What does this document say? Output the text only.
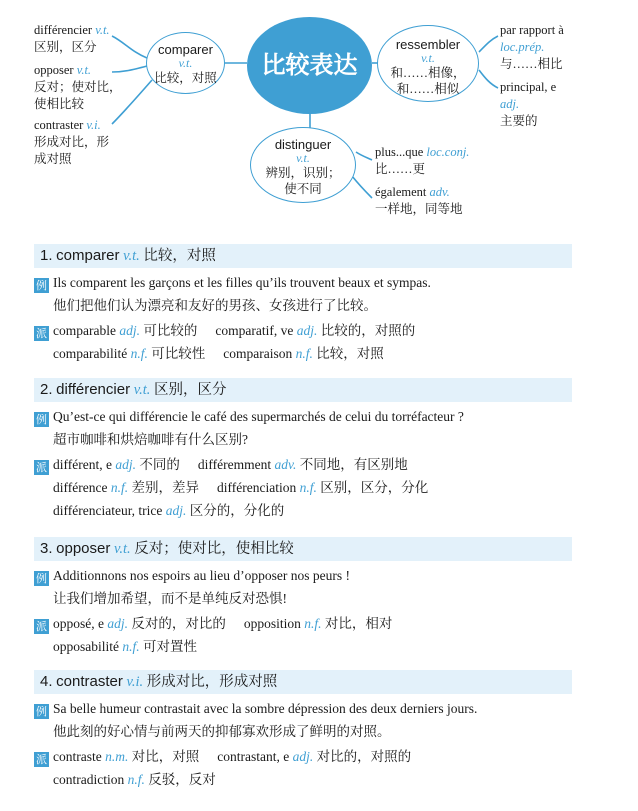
比较表达
comparer
v.t.
比较，对照
ressembler
v.t.
和……相像，
和……相似
distinguer
v.t.
辨别，识别；
使不同
différencier v.t.
区别，区分
opposer v.t.
反对；使对比，
使相比较
contraster v.i.
形成对比，形
成对照
par rapport à
loc.prép.
与……相比
principal, e
adj.
主要的
plus...que loc.conj.
比……更
également adv.
一样地，同等地
1. comparer v.t. 比较，对照
例 Ils comparent les garçons et les filles qu’ils trouvent beaux et sympas.
他们把他们认为漂亮和友好的男孩、女孩进行了比较。
派 comparable adj. 可比较的 comparatif, ve adj. 比较的，对照的
comparabilité n.f. 可比较性 comparaison n.f. 比较，对照
2. différencier v.t. 区别，区分
例 Qu’est-ce qui différencie le café des supermarchés de celui du torréfacteur ?
超市咖啡和烘焙咖啡有什么区别?
派 différent, e adj. 不同的 différemment adv. 不同地，有区别地
différence n.f. 差别，差异 différenciation n.f. 区别，区分，分化
différenciateur, trice adj. 区分的，分化的
3. opposer v.t. 反对；使对比，使相比较
例 Additionnons nos espoirs au lieu d’opposer nos peurs !
让我们增加希望，而不是单纯反对恐惧!
派 opposé, e adj. 反对的，对比的 opposition n.f. 对比，相对
opposabilité n.f. 可对置性
4. contraster v.i. 形成对比，形成对照
例 Sa belle humeur contrastait avec la sombre dépression des deux derniers jours.
他此刻的好心情与前两天的抑郁寡欢形成了鲜明的对照。
派 contraste n.m. 对比，对照 contrastant, e adj. 对比的，对照的
contradiction n.f. 反驳，反对
